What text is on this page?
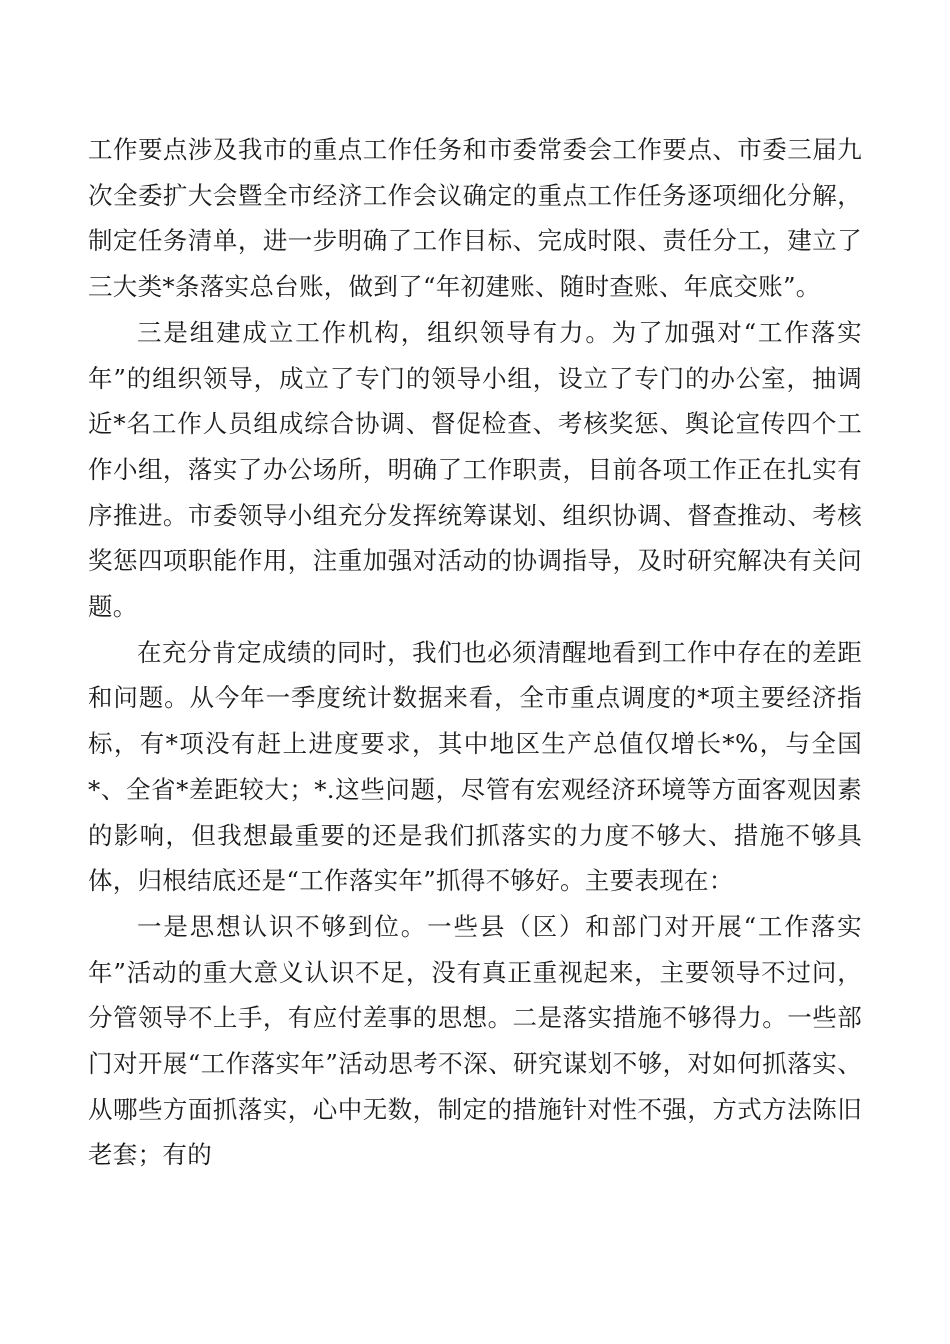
工作要点涉及我市的重点工作任务和市委常委会工作要点、市委三届九次全委扩大会暨全市经济工作会议确定的重点工作任务逐项细化分解，制定任务清单，进一步明确了工作目标、完成时限、责任分工，建立了三大类*条落实总台账，做到了“年初建账、随时查账、年底交账”。

三是组建成立工作机构，组织领导有力。为了加强对“工作落实年”的组织领导，成立了专门的领导小组，设立了专门的办公室，抽调近*名工作人员组成综合协调、督促检查、考核奖惩、舆论宣传四个工作小组，落实了办公场所，明确了工作职责，目前各项工作正在扎实有序推进。市委领导小组充分发挥统筹谋划、组织协调、督查推动、考核奖惩四项职能作用，注重加强对活动的协调指导，及时研究解决有关问题。

在充分肯定成绩的同时，我们也必须清醒地看到工作中存在的差距和问题。从今年一季度统计数据来看，全市重点调度的*项主要经济指标，有*项没有赶上进度要求，其中地区生产总值仅增长*%，与全国*、全省*差距较大；*.这些问题，尽管有宏观经济环境等方面客观因素的影响，但我想最重要的还是我们抓落实的力度不够大、措施不够具体，归根结底还是“工作落实年”抓得不够好。主要表现在：

一是思想认识不够到位。一些县（区）和部门对开展“工作落实年”活动的重大意义认识不足，没有真正重视起来，主要领导不过问，分管领导不上手，有应付差事的思想。二是落实措施不够得力。一些部门对开展“工作落实年”活动思考不深、研究谋划不够，对如何抓落实、从哪些方面抓落实，心中无数，制定的措施针对性不强，方式方法陈旧老套；有的
